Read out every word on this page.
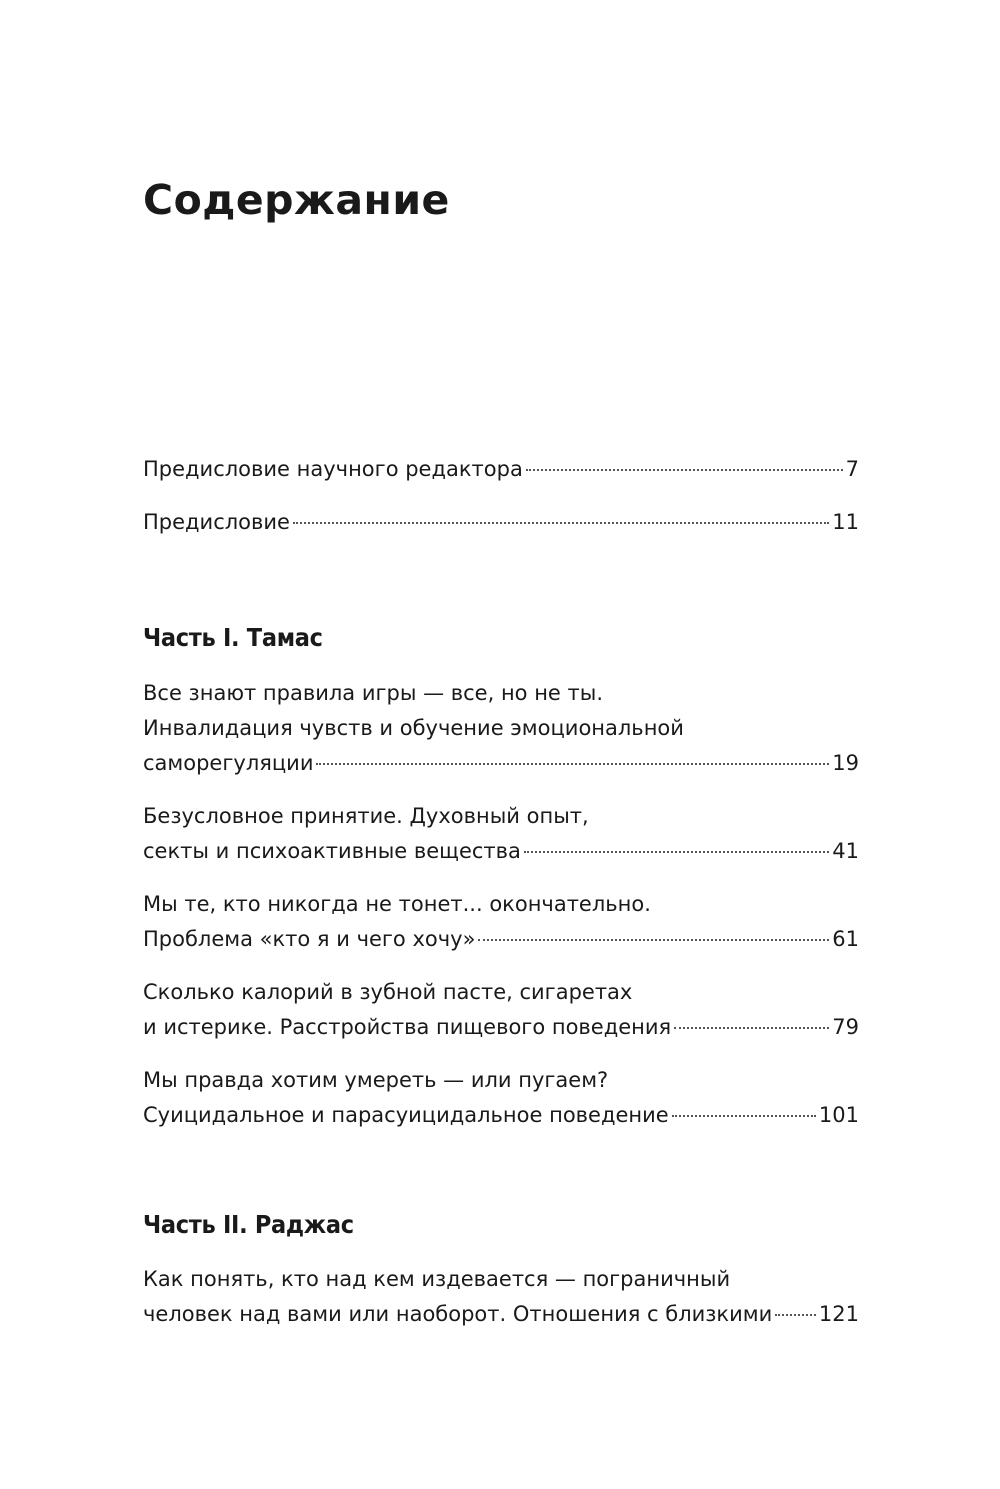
Содержание
Предисловие научного редактора	7
Предисловие	11
Часть I. Тамас
Все знают правила игры — все, но не ты.
Инвалидация чувств и обучение эмоциональной
саморегуляции	19
Безусловное принятие. Духовный опыт,
секты и психоактивные вещества	41
Мы те, кто никогда не тонет... окончательно.
Проблема «кто я и чего хочу»	61
Сколько калорий в зубной пасте, сигаретах
и истерике. Расстройства пищевого поведения	79
Мы правда хотим умереть — или пугаем?
Суицидальное и парасуицидальное поведение	101
Часть II. Раджас
Как понять, кто над кем издевается — пограничный
человек над вами или наоборот. Отношения с близкими 121
